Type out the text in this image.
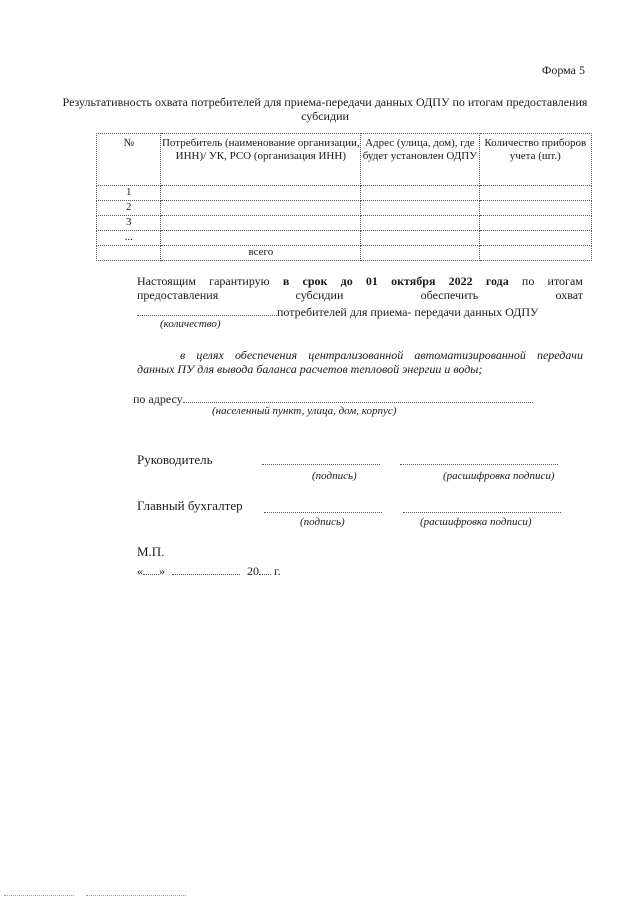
Форма 5
Результативность охвата потребителей для приема-передачи данных ОДПУ по итогам предоставления субсидии
№	Потребитель (наименование организации, ИНН)/ УК, РСО (организация ИНН)	Адрес (улица, дом), где будет установлен ОДПУ	Количество приборов учета (шт.)
1			
2			
3			
...			
	всего		
Настоящим гарантирую в срок до 01 октября 2022 года по итогам
предоставления	субсидии	обеспечить	охват
потребителей для приема- передачи данных ОДПУ
(количество)
в целях обеспечения централизованной автоматизированной передачи
данных ПУ для вывода баланса расчетов тепловой энергии и воды;
по адресу
(населенный пункт, улица, дом, корпус)
Руководитель
(подпись)	(расшифровка подписи)
Главный бухгалтер
(подпись)	(расшифровка подписи)
М.П.
« »	20 г.
